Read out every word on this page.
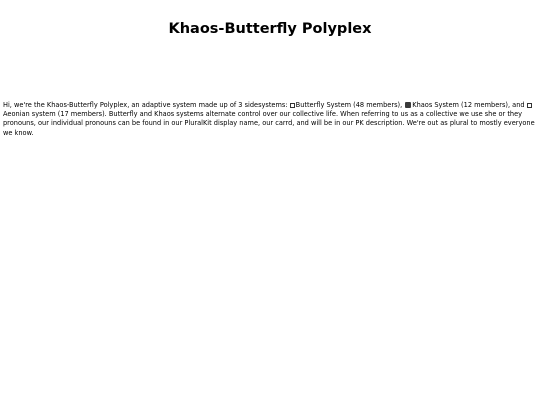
Khaos-Butterfly Polyplex

Hi, we're the Khaos-Butterfly Polyplex, an adaptive system made up of 3 sidesystems: Butterfly System (48 members), Khaos System (12 members), and Aeonian system (17 members). Butterfly and Khaos systems alternate control over our collective life. When referring to us as a collective we use she or they pronouns, our individual pronouns can be found in our PluralKit display name, our carrd, and will be in our PK description. We're out as plural to mostly everyone we know.
